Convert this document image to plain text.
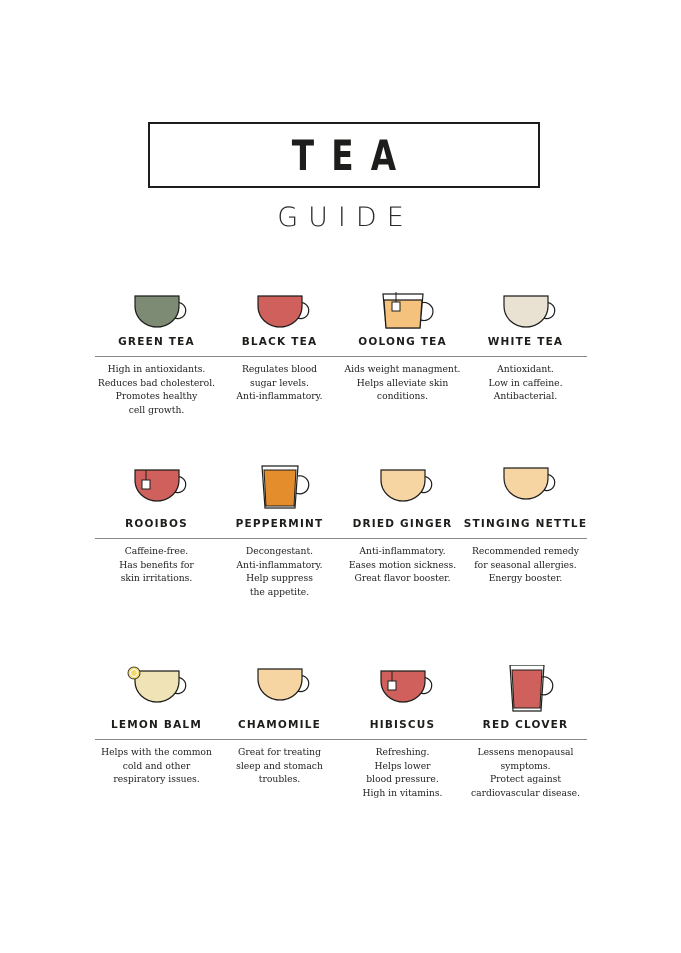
TEA
GUIDE
GREEN TEA
High in antioxidants.
Reduces bad cholesterol.
Promotes healthy
cell growth.
BLACK TEA
Regulates blood
sugar levels.
Anti-inflammatory.
OOLONG TEA
Aids weight managment.
Helps alleviate skin
conditions.
WHITE TEA
Antioxidant.
Low in caffeine.
Antibacterial.
ROOIBOS
Caffeine-free.
Has benefits for
skin irritations.
PEPPERMINT
Decongestant.
Anti-inflammatory.
Help suppress
the appetite.
DRIED GINGER
Anti-inflammatory.
Eases motion sickness.
Great flavor booster.
STINGING NETTLE
Recommended remedy
for seasonal allergies.
Energy booster.
LEMON BALM
Helps with the common
cold and other
respiratory issues.
CHAMOMILE
Great for treating
sleep and stomach
troubles.
HIBISCUS
Refreshing.
Helps lower
blood pressure.
High in vitamins.
RED CLOVER
Lessens menopausal
symptoms.
Protect against
cardiovascular disease.
